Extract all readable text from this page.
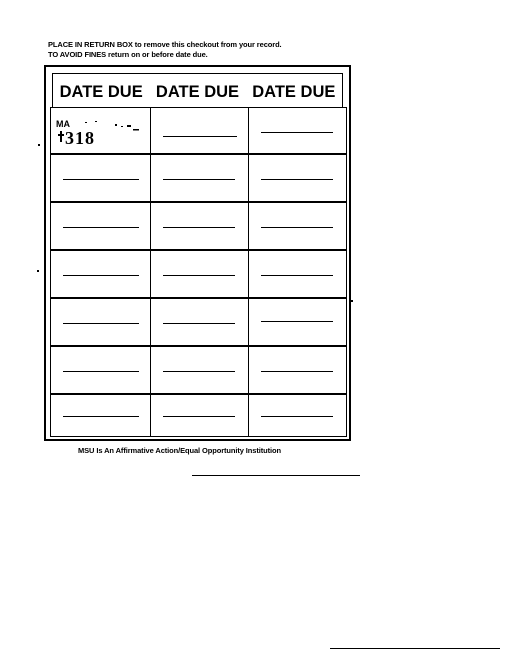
PLACE IN RETURN BOX to remove this checkout from your record.
TO AVOID FINES return on or before date due.
DATE DUE DATE DUE DATE DUE
MA
318
MSU Is An Affirmative Action/Equal Opportunity Institution
